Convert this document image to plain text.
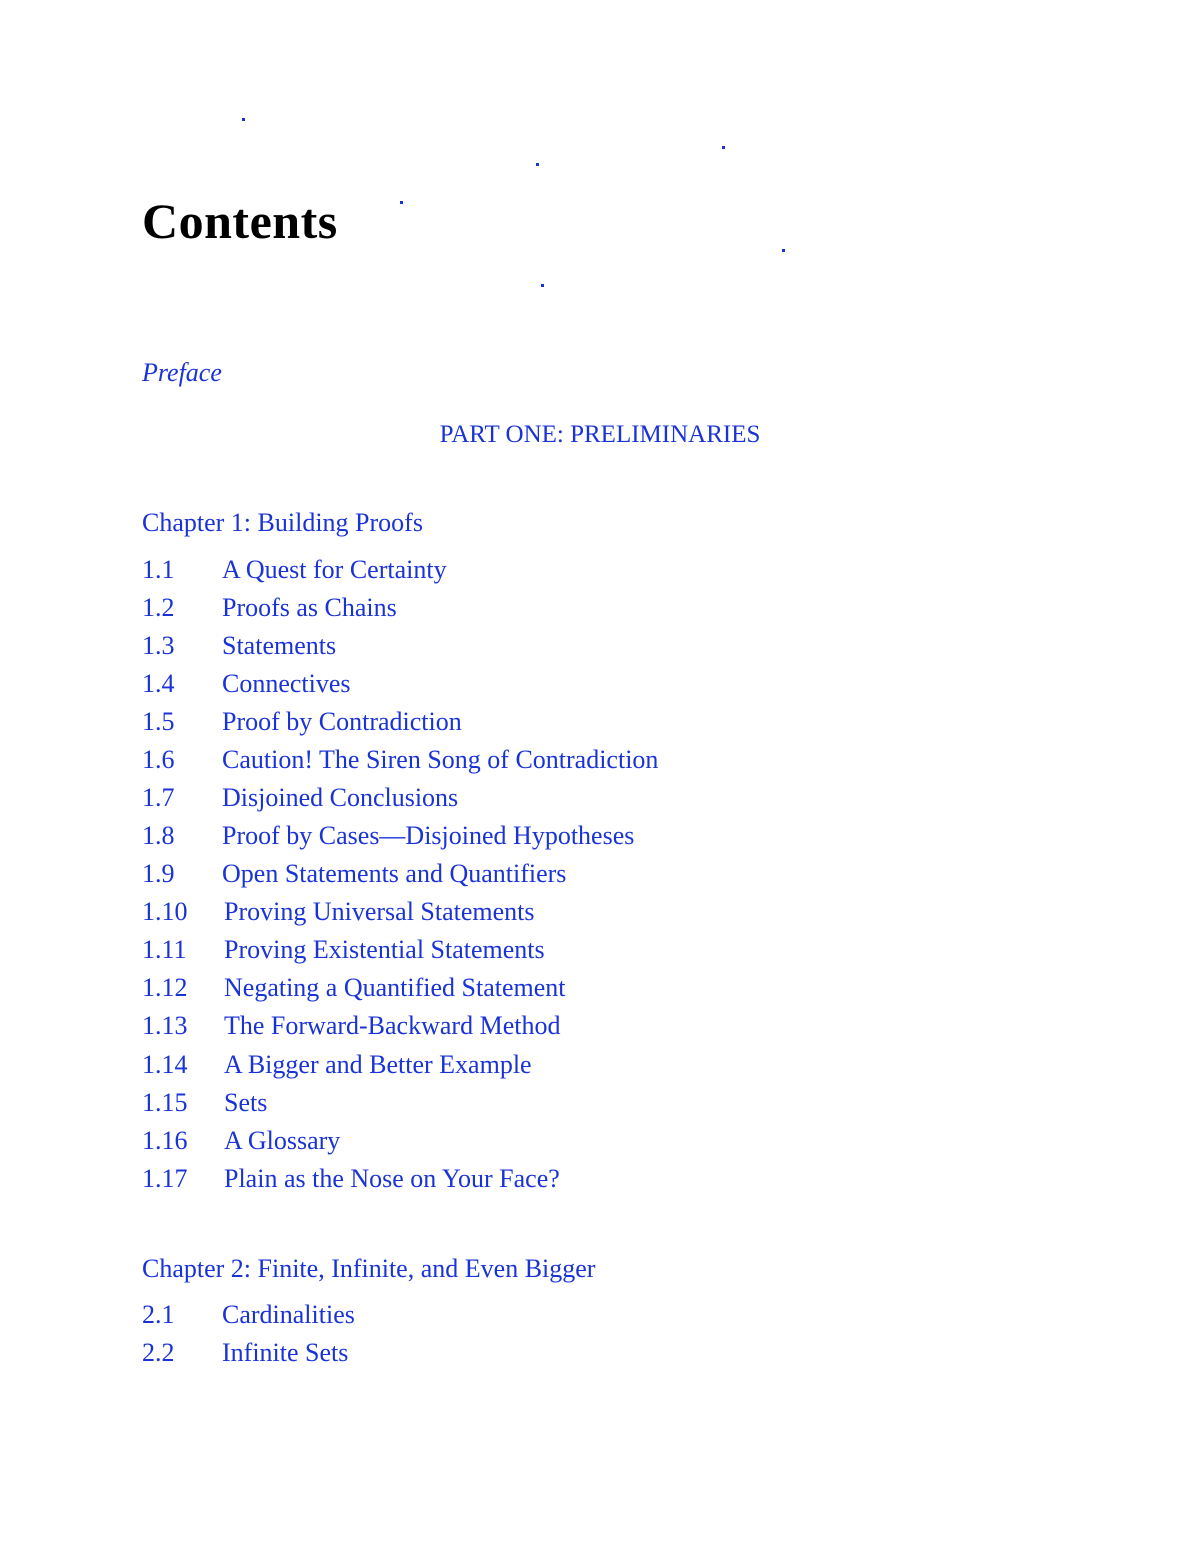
Contents
Preface
PART ONE: PRELIMINARIES
Chapter 1: Building Proofs
1.1 A Quest for Certainty
1.2 Proofs as Chains
1.3 Statements
1.4 Connectives
1.5 Proof by Contradiction
1.6 Caution! The Siren Song of Contradiction
1.7 Disjoined Conclusions
1.8 Proof by Cases—Disjoined Hypotheses
1.9 Open Statements and Quantifiers
1.10 Proving Universal Statements
1.11 Proving Existential Statements
1.12 Negating a Quantified Statement
1.13 The Forward-Backward Method
1.14 A Bigger and Better Example
1.15 Sets
1.16 A Glossary
1.17 Plain as the Nose on Your Face?
Chapter 2: Finite, Infinite, and Even Bigger
2.1 Cardinalities
2.2 Infinite Sets
